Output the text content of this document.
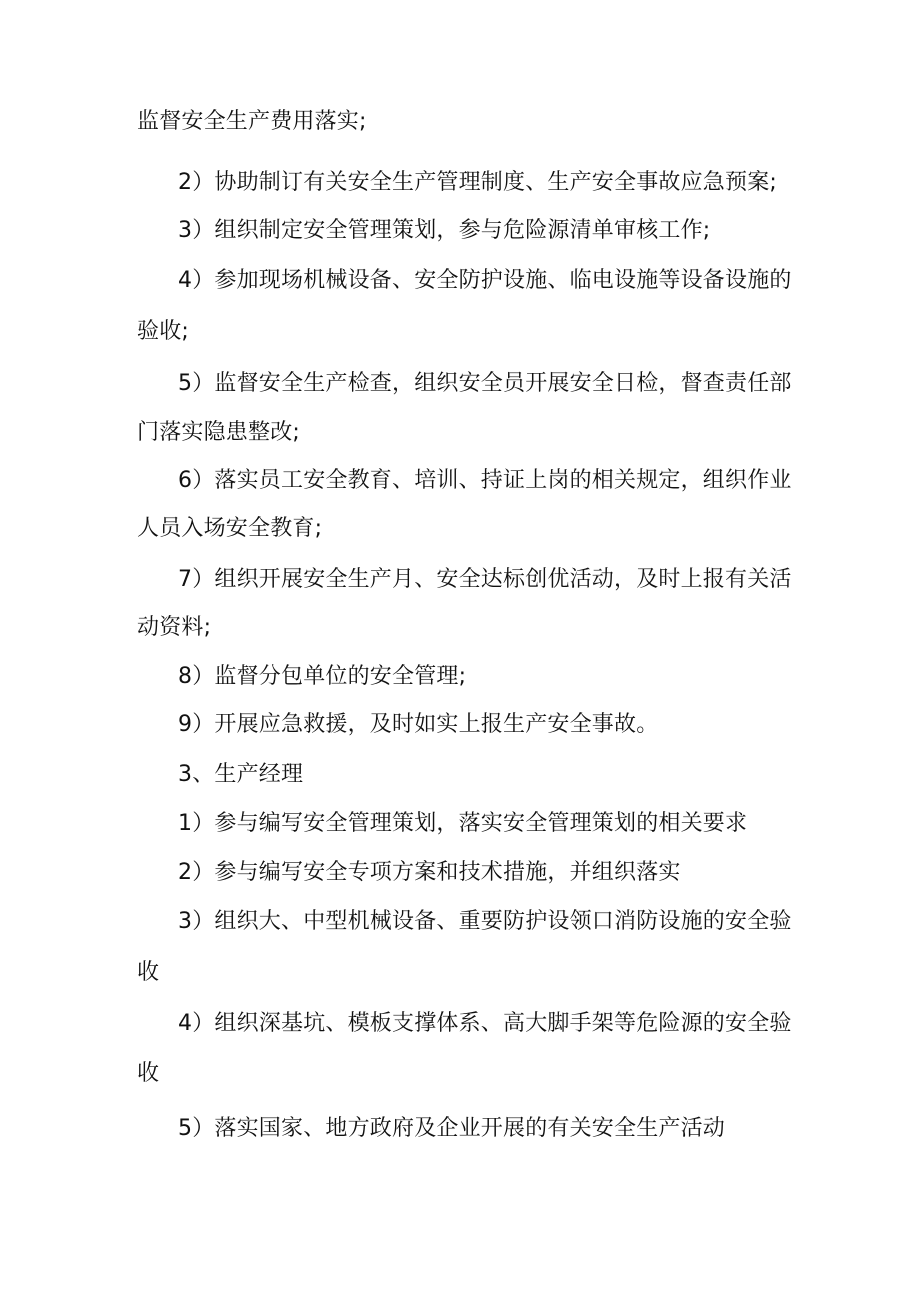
监督安全生产费用落实;
2）协助制订有关安全生产管理制度、生产安全事故应急预案;
3）组织制定安全管理策划，参与危险源清单审核工作;
4）参加现场机械设备、安全防护设施、临电设施等设备设施的
验收;
5）监督安全生产检查，组织安全员开展安全日检，督查责任部
门落实隐患整改;
6）落实员工安全教育、培训、持证上岗的相关规定，组织作业
人员入场安全教育;
7）组织开展安全生产月、安全达标创优活动，及时上报有关活
动资料;
8）监督分包单位的安全管理;
9）开展应急救援，及时如实上报生产安全事故。
3、生产经理
1）参与编写安全管理策划，落实安全管理策划的相关要求
2）参与编写安全专项方案和技术措施，并组织落实
3）组织大、中型机械设备、重要防护设领口消防设施的安全验
收
4）组织深基坑、模板支撑体系、高大脚手架等危险源的安全验
收
5）落实国家、地方政府及企业开展的有关安全生产活动
